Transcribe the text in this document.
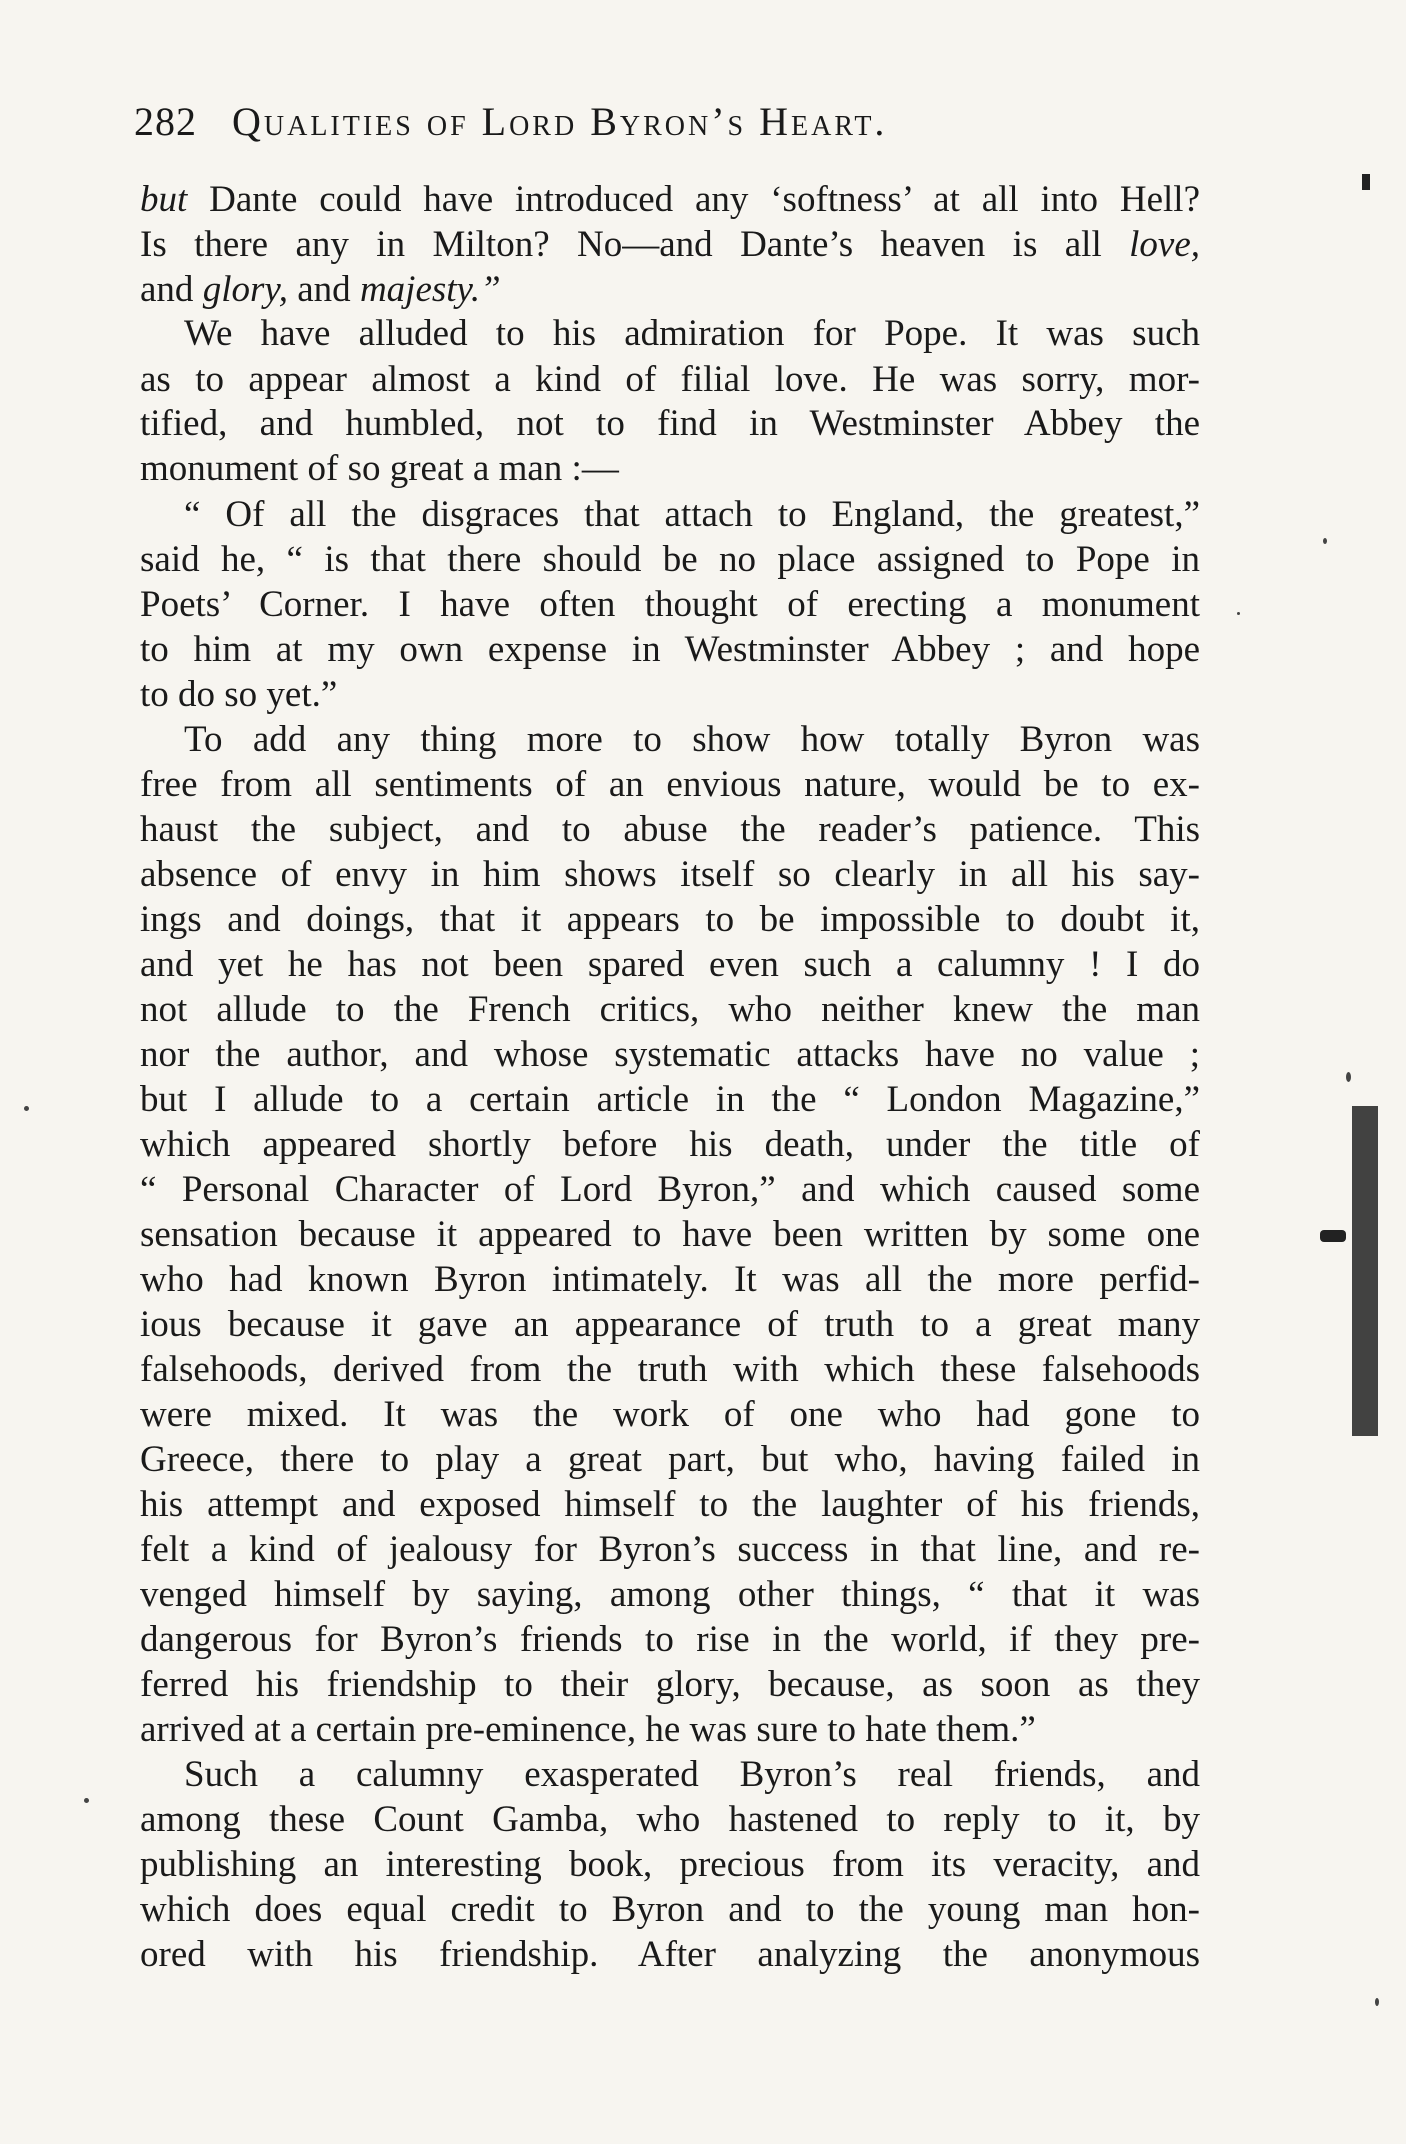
282 Qualities of Lord Byron’s Heart.
but Dante could have introduced any ‘softness’ at all into Hell?
Is there any in Milton? No—and Dante’s heaven is all love,
and glory, and majesty.”
We have alluded to his admiration for Pope. It was such
as to appear almost a kind of filial love. He was sorry, mor-
tified, and humbled, not to find in Westminster Abbey the
monument of so great a man :—
“ Of all the disgraces that attach to England, the greatest,”
said he, “ is that there should be no place assigned to Pope in
Poets’ Corner. I have often thought of erecting a monument
to him at my own expense in Westminster Abbey ; and hope
to do so yet.”
To add any thing more to show how totally Byron was
free from all sentiments of an envious nature, would be to ex-
haust the subject, and to abuse the reader’s patience. This
absence of envy in him shows itself so clearly in all his say-
ings and doings, that it appears to be impossible to doubt it,
and yet he has not been spared even such a calumny ! I do
not allude to the French critics, who neither knew the man
nor the author, and whose systematic attacks have no value ;
but I allude to a certain article in the “ London Magazine,”
which appeared shortly before his death, under the title of
“ Personal Character of Lord Byron,” and which caused some
sensation because it appeared to have been written by some one
who had known Byron intimately. It was all the more perfid-
ious because it gave an appearance of truth to a great many
falsehoods, derived from the truth with which these falsehoods
were mixed. It was the work of one who had gone to
Greece, there to play a great part, but who, having failed in
his attempt and exposed himself to the laughter of his friends,
felt a kind of jealousy for Byron’s success in that line, and re-
venged himself by saying, among other things, “ that it was
dangerous for Byron’s friends to rise in the world, if they pre-
ferred his friendship to their glory, because, as soon as they
arrived at a certain pre-eminence, he was sure to hate them.”
Such a calumny exasperated Byron’s real friends, and
among these Count Gamba, who hastened to reply to it, by
publishing an interesting book, precious from its veracity, and
which does equal credit to Byron and to the young man hon-
ored with his friendship. After analyzing the anonymous
